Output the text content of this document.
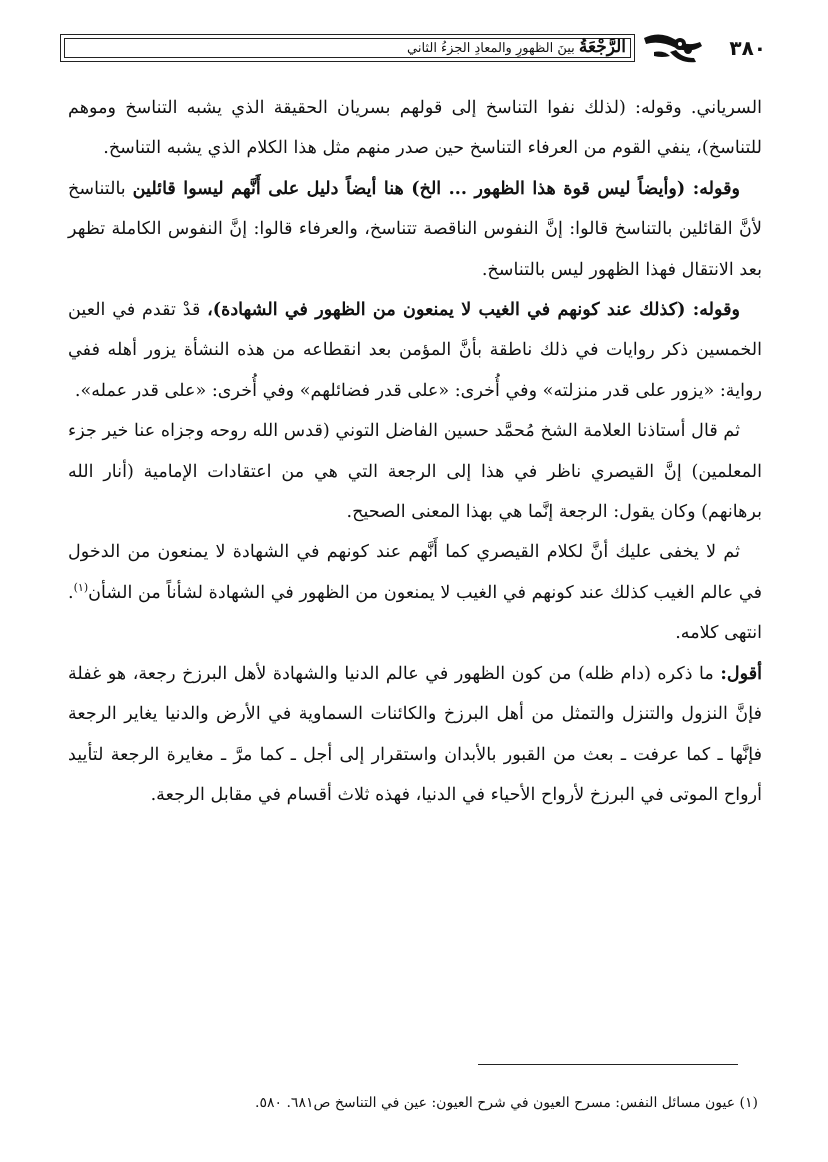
الرَّجْعَةُ بينَ الظهورِ والمعادِ الجزءُ الثاني	٣٨٠

السرياني. وقوله: (لذلك نفوا التناسخ إلى قولهم بسريان الحقيقة الذي يشبه التناسخ وموهم للتناسخ)، ينفي القوم من العرفاء التناسخ حين صدر منهم مثل هذا الكلام الذي يشبه التناسخ.

وقوله: (وأيضاً ليس قوة هذا الظهور ... الخ) هنا أيضاً دليل على أَنَّهم ليسوا قائلين بالتناسخ لأنَّ القائلين بالتناسخ قالوا: إنَّ النفوس الناقصة تتناسخ، والعرفاء قالوا: إنَّ النفوس الكاملة تظهر بعد الانتقال فهذا الظهور ليس بالتناسخ.

وقوله: (كذلك عند كونهم في الغيب لا يمنعون من الظهور في الشهادة)، قدْ تقدم في العين الخمسين ذكر روايات في ذلك ناطقة بأنَّ المؤمن بعد انقطاعه من هذه النشأة يزور أهله ففي رواية: «يزور على قدر منزلته» وفي أُخرى: «على قدر فضائلهم» وفي أُخرى: «على قدر عمله».

ثم قال أستاذنا العلامة الشخ مُحمَّد حسين الفاضل التوني (قدس الله روحه وجزاه عنا خير جزء المعلمين) إنَّ القيصري ناظر في هذا إلى الرجعة التي هي من اعتقادات الإمامية (أنار الله برهانهم) وكان يقول: الرجعة إنَّما هي بهذا المعنى الصحيح.

ثم لا يخفى عليك أنَّ لكلام القيصري كما أَنَّهم عند كونهم في الشهادة لا يمنعون من الدخول في عالم الغيب كذلك عند كونهم في الغيب لا يمنعون من الظهور في الشهادة لشأناً من الشأن$^{(١)}$. انتهى كلامه.

أقول: ما ذكره (دام ظله) من كون الظهور في عالم الدنيا والشهادة لأهل البرزخ رجعة، هو غفلة فإنَّ النزول والتنزل والتمثل من أهل البرزخ والكائنات السماوية في الأرض والدنيا يغاير الرجعة فإنَّها ـ كما عرفت ـ بعث من القبور بالأبدان واستقرار إلى أجل ـ كما مرَّ ـ مغايرة الرجعة لتأييد أرواح الموتى في البرزخ لأرواح الأحياء في الدنيا، فهذه ثلاث أقسام في مقابل الرجعة.

(١) عيون مسائل النفس: مسرح العيون في شرح العيون: عين في التناسخ ص٦٨١. ٥٨٠.
